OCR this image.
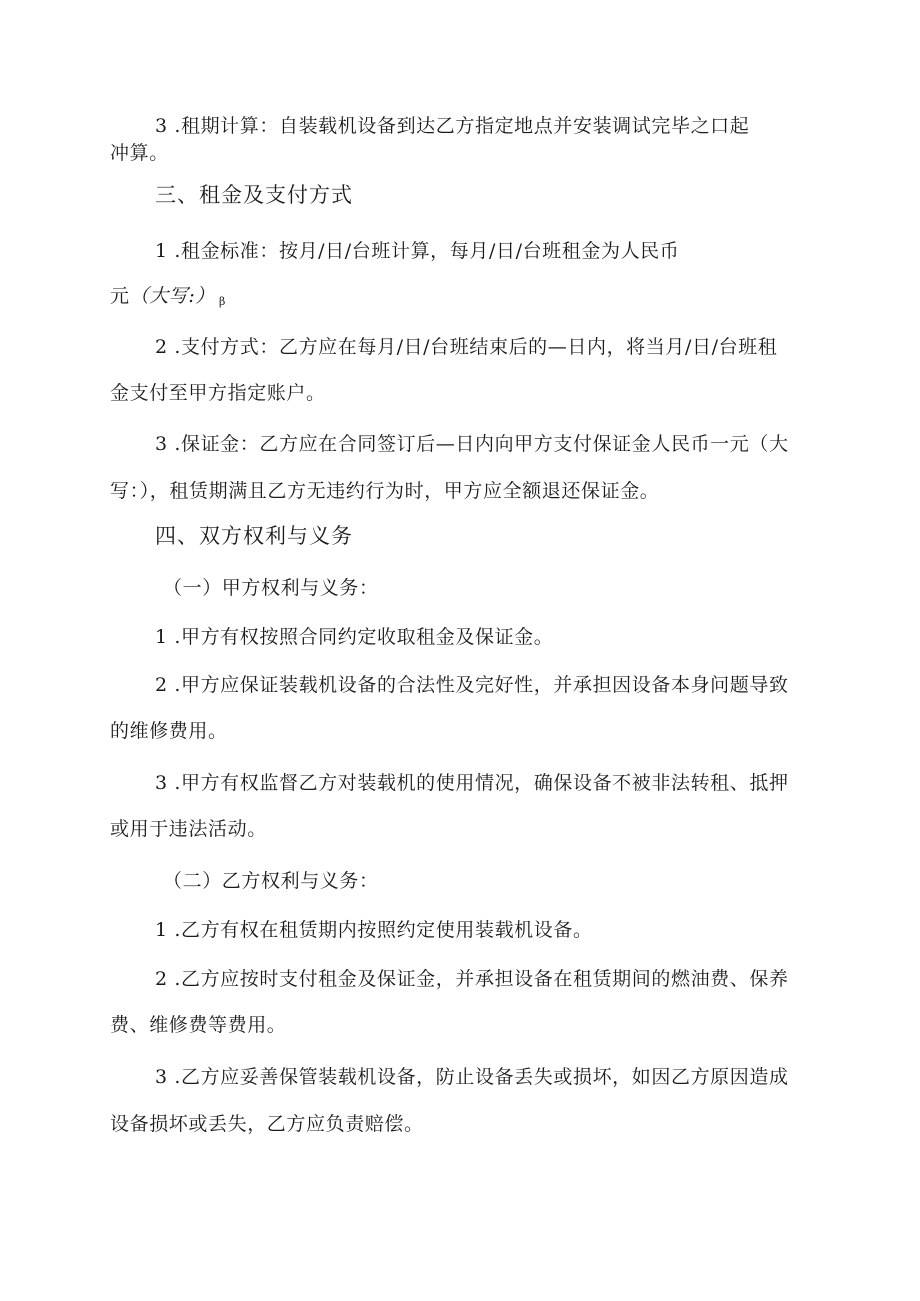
3 .租期计算：自装载机设备到达乙方指定地点并安装调试完毕之口起
冲算。
三、租金及支付方式
1 .租金标准：按月/日/台班计算，每月/日/台班租金为人民币
元（大写:） $_\beta$
2 .支付方式：乙方应在每月/日/台班结束后的—日内，将当月/日/台班租
金支付至甲方指定账户。
3 .保证金：乙方应在合同签订后—日内向甲方支付保证金人民币一元（大
写：），租赁期满且乙方无违约行为时，甲方应全额退还保证金。
四、双方权利与义务
（一）甲方权利与义务：
1 .甲方有权按照合同约定收取租金及保证金。
2 .甲方应保证装载机设备的合法性及完好性，并承担因设备本身问题导致
的维修费用。
3 .甲方有权监督乙方对装载机的使用情况，确保设备不被非法转租、抵押
或用于违法活动。
（二）乙方权利与义务：
1 .乙方有权在租赁期内按照约定使用装载机设备。
2 .乙方应按时支付租金及保证金，并承担设备在租赁期间的燃油费、保养
费、维修费等费用。
3 .乙方应妥善保管装载机设备，防止设备丢失或损坏，如因乙方原因造成
设备损坏或丢失，乙方应负责赔偿。
